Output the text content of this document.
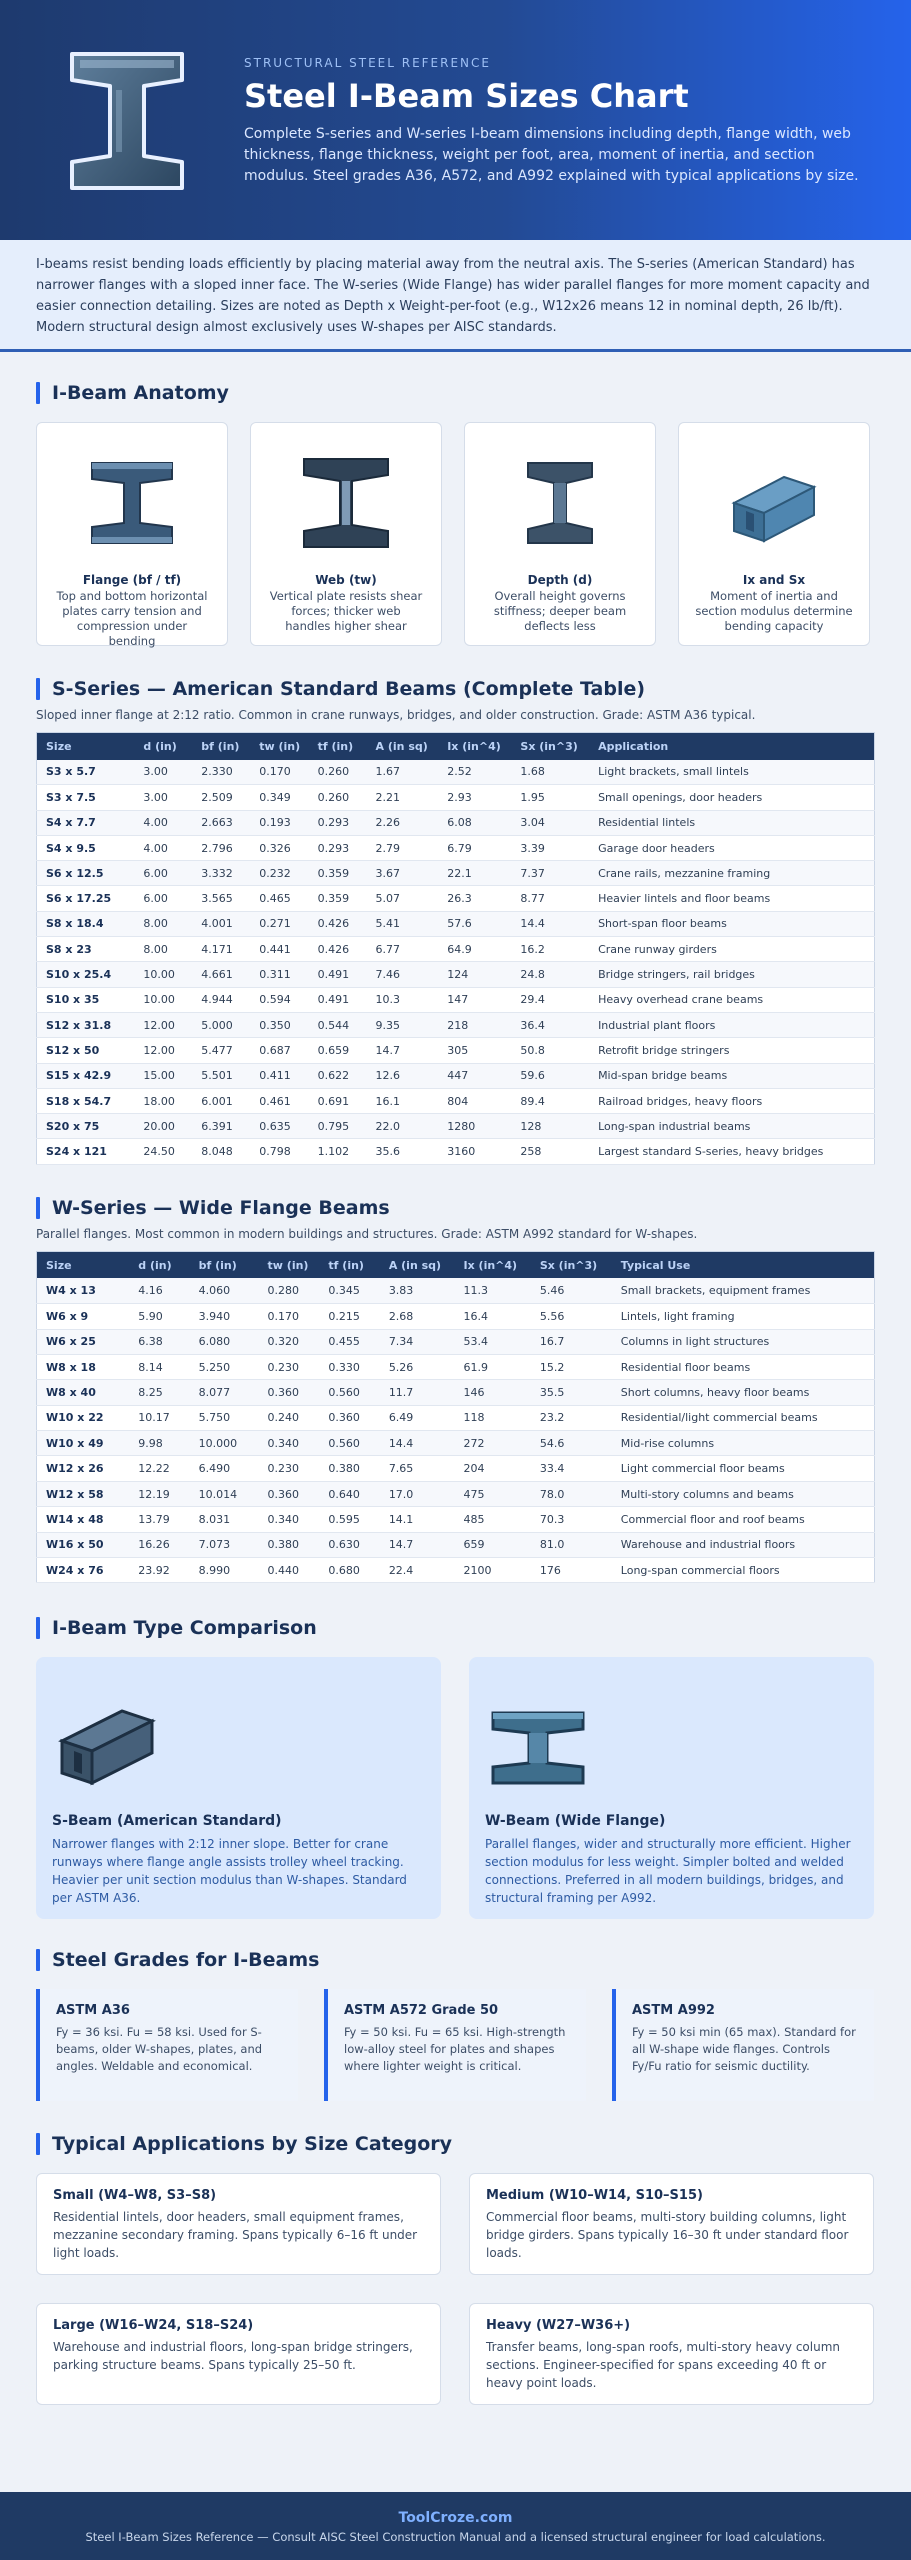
STRUCTURAL STEEL REFERENCE
Steel I-Beam Sizes Chart

Complete S-series and W-series I-beam dimensions including depth, flange width, web thickness, flange thickness, weight per foot, area, moment of inertia, and section modulus. Steel grades A36, A572, and A992 explained with typical applications by size.

I-beams resist bending loads efficiently by placing material away from the neutral axis. The S-series (American Standard) has narrower flanges with a sloped inner face. The W-series (Wide Flange) has wider parallel flanges for more moment capacity and easier connection detailing. Sizes are noted as Depth x Weight-per-foot (e.g., W12x26 means 12 in nominal depth, 26 lb/ft). Modern structural design almost exclusively uses W-shapes per AISC standards.
I-Beam Anatomy
Flange (bf / tf)
Top and bottom horizontal plates carry tension and compression under bending
Web (tw)
Vertical plate resists shear forces; thicker web handles higher shear
Depth (d)
Overall height governs stiffness; deeper beam deflects less
Ix and Sx
Moment of inertia and section modulus determine bending capacity
S-Series — American Standard Beams (Complete Table)

Sloped inner flange at 2:12 ratio. Common in crane runways, bridges, and older construction. Grade: ASTM A36 typical.

Size	d (in)	bf (in)	tw (in)	tf (in)	A (in sq)	Ix (in^4)	Sx (in^3)	Application
S3 x 5.7	3.00	2.330	0.170	0.260	1.67	2.52	1.68	Light brackets, small lintels
S3 x 7.5	3.00	2.509	0.349	0.260	2.21	2.93	1.95	Small openings, door headers
S4 x 7.7	4.00	2.663	0.193	0.293	2.26	6.08	3.04	Residential lintels
S4 x 9.5	4.00	2.796	0.326	0.293	2.79	6.79	3.39	Garage door headers
S6 x 12.5	6.00	3.332	0.232	0.359	3.67	22.1	7.37	Crane rails, mezzanine framing
S6 x 17.25	6.00	3.565	0.465	0.359	5.07	26.3	8.77	Heavier lintels and floor beams
S8 x 18.4	8.00	4.001	0.271	0.426	5.41	57.6	14.4	Short-span floor beams
S8 x 23	8.00	4.171	0.441	0.426	6.77	64.9	16.2	Crane runway girders
S10 x 25.4	10.00	4.661	0.311	0.491	7.46	124	24.8	Bridge stringers, rail bridges
S10 x 35	10.00	4.944	0.594	0.491	10.3	147	29.4	Heavy overhead crane beams
S12 x 31.8	12.00	5.000	0.350	0.544	9.35	218	36.4	Industrial plant floors
S12 x 50	12.00	5.477	0.687	0.659	14.7	305	50.8	Retrofit bridge stringers
S15 x 42.9	15.00	5.501	0.411	0.622	12.6	447	59.6	Mid-span bridge beams
S18 x 54.7	18.00	6.001	0.461	0.691	16.1	804	89.4	Railroad bridges, heavy floors
S20 x 75	20.00	6.391	0.635	0.795	22.0	1280	128	Long-span industrial beams
S24 x 121	24.50	8.048	0.798	1.102	35.6	3160	258	Largest standard S-series, heavy bridges
W-Series — Wide Flange Beams

Parallel flanges. Most common in modern buildings and structures. Grade: ASTM A992 standard for W-shapes.

Size	d (in)	bf (in)	tw (in)	tf (in)	A (in sq)	Ix (in^4)	Sx (in^3)	Typical Use
W4 x 13	4.16	4.060	0.280	0.345	3.83	11.3	5.46	Small brackets, equipment frames
W6 x 9	5.90	3.940	0.170	0.215	2.68	16.4	5.56	Lintels, light framing
W6 x 25	6.38	6.080	0.320	0.455	7.34	53.4	16.7	Columns in light structures
W8 x 18	8.14	5.250	0.230	0.330	5.26	61.9	15.2	Residential floor beams
W8 x 40	8.25	8.077	0.360	0.560	11.7	146	35.5	Short columns, heavy floor beams
W10 x 22	10.17	5.750	0.240	0.360	6.49	118	23.2	Residential/light commercial beams
W10 x 49	9.98	10.000	0.340	0.560	14.4	272	54.6	Mid-rise columns
W12 x 26	12.22	6.490	0.230	0.380	7.65	204	33.4	Light commercial floor beams
W12 x 58	12.19	10.014	0.360	0.640	17.0	475	78.0	Multi-story columns and beams
W14 x 48	13.79	8.031	0.340	0.595	14.1	485	70.3	Commercial floor and roof beams
W16 x 50	16.26	7.073	0.380	0.630	14.7	659	81.0	Warehouse and industrial floors
W24 x 76	23.92	8.990	0.440	0.680	22.4	2100	176	Long-span commercial floors
I-Beam Type Comparison
S-Beam (American Standard)
Narrower flanges with 2:12 inner slope. Better for crane runways where flange angle assists trolley wheel tracking. Heavier per unit section modulus than W-shapes. Standard per ASTM A36.
W-Beam (Wide Flange)
Parallel flanges, wider and structurally more efficient. Higher section modulus for less weight. Simpler bolted and welded connections. Preferred in all modern buildings, bridges, and structural framing per A992.
Steel Grades for I-Beams
ASTM A36
Fy = 36 ksi. Fu = 58 ksi. Used for S-beams, older W-shapes, plates, and angles. Weldable and economical.
ASTM A572 Grade 50
Fy = 50 ksi. Fu = 65 ksi. High-strength low-alloy steel for plates and shapes where lighter weight is critical.
ASTM A992
Fy = 50 ksi min (65 max). Standard for all W-shape wide flanges. Controls Fy/Fu ratio for seismic ductility.
Typical Applications by Size Category
Small (W4–W8, S3–S8)
Residential lintels, door headers, small equipment frames, mezzanine secondary framing. Spans typically 6–16 ft under light loads.
Medium (W10–W14, S10–S15)
Commercial floor beams, multi-story building columns, light bridge girders. Spans typically 16–30 ft under standard floor loads.
Large (W16–W24, S18–S24)
Warehouse and industrial floors, long-span bridge stringers, parking structure beams. Spans typically 25–50 ft.
Heavy (W27–W36+)
Transfer beams, long-span roofs, multi-story heavy column sections. Engineer-specified for spans exceeding 40 ft or heavy point loads.
ToolCroze.com
Steel I-Beam Sizes Reference — Consult AISC Steel Construction Manual and a licensed structural engineer for load calculations.
